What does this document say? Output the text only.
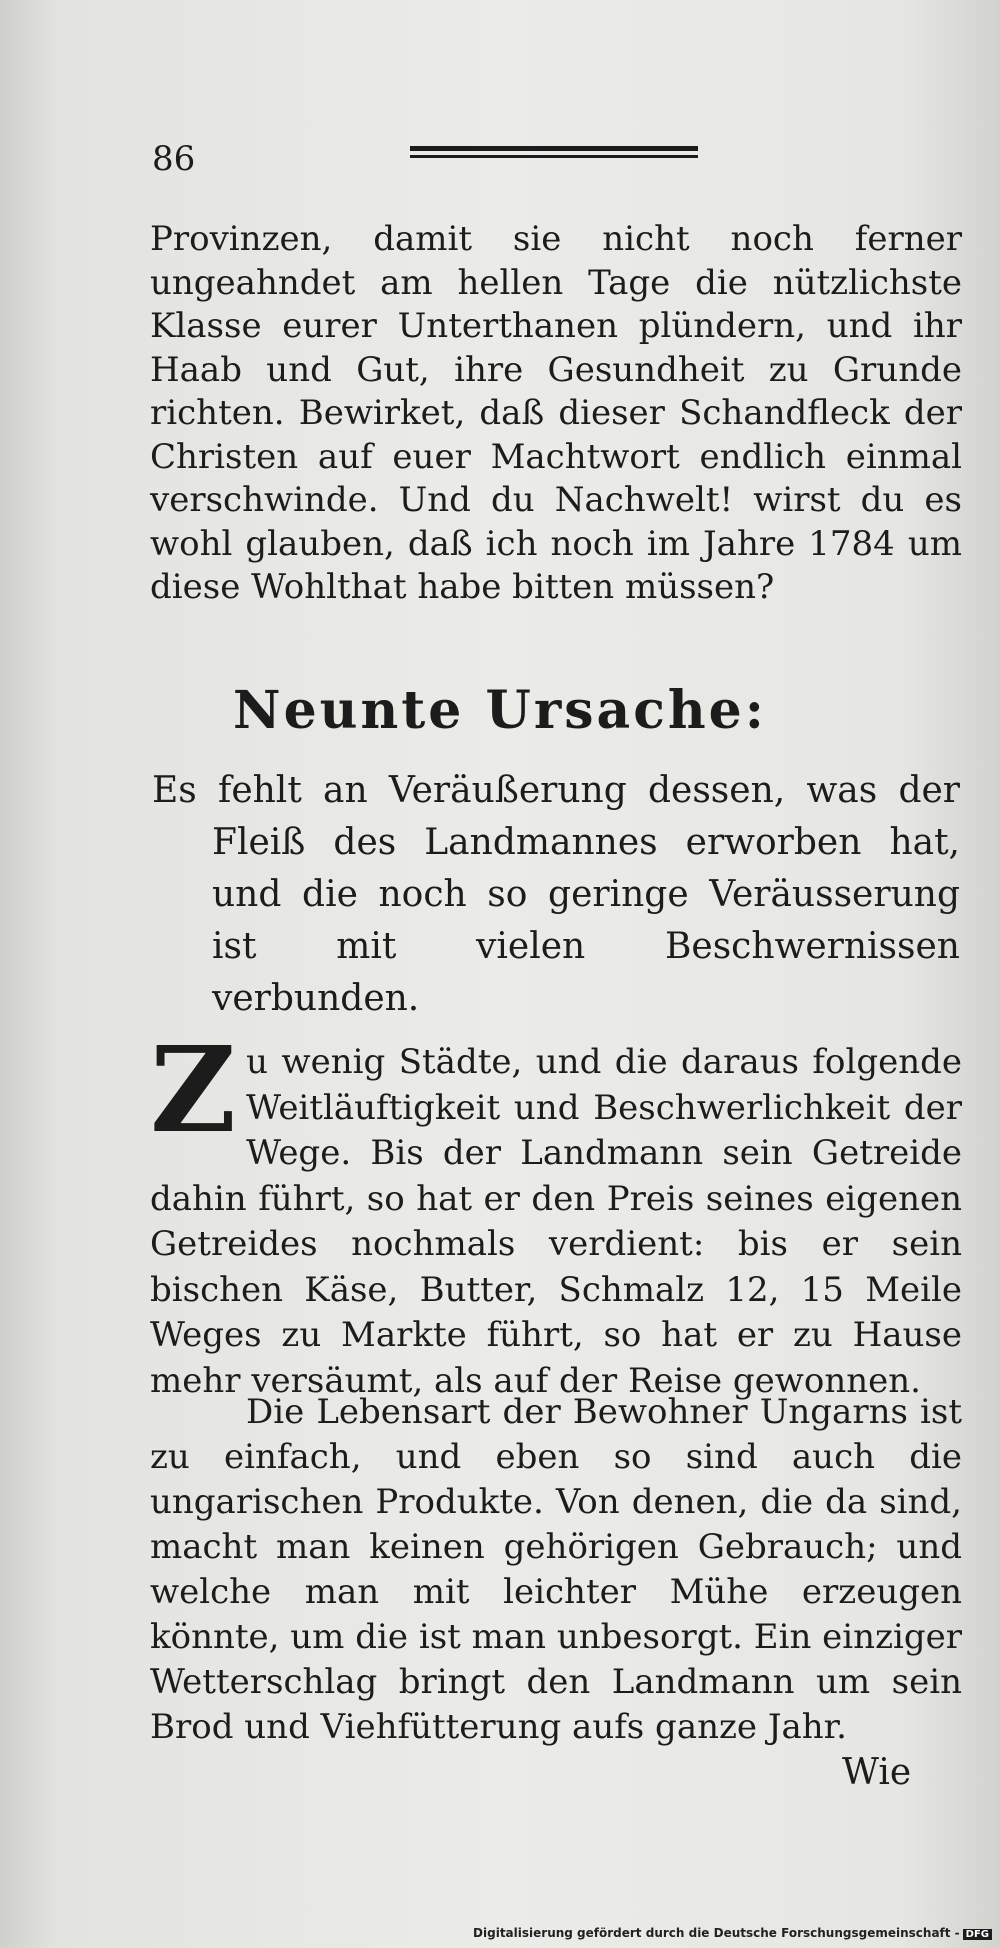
86
Provinzen, damit sie nicht noch ferner ungeahndet am hellen Tage die nützlichste Klasse eurer Unterthanen plündern, und ihr Haab und Gut, ihre Gesundheit zu Grunde richten. Bewirket, daß dieser Schandfleck der Christen auf euer Machtwort endlich einmal verschwinde. Und du Nachwelt! wirst du es wohl glauben, daß ich noch im Jahre 1784 um diese Wohlthat habe bitten müssen?
Neunte Ursache:
Es fehlt an Veräußerung dessen, was der Fleiß des Landmannes erworben hat, und die noch so geringe Veräusserung ist mit vielen Beschwernissen verbunden.
Zu wenig Städte, und die daraus folgende Weitläuftigkeit und Beschwerlichkeit der Wege. Bis der Landmann sein Getreide dahin führt, so hat er den Preis seines eigenen Getreides nochmals verdient: bis er sein bischen Käse, Butter, Schmalz 12, 15 Meile Weges zu Markte führt, so hat er zu Hause mehr versäumt, als auf der Reise gewonnen.
Die Lebensart der Bewohner Ungarns ist zu einfach, und eben so sind auch die ungarischen Produkte. Von denen, die da sind, macht man keinen gehörigen Gebrauch; und welche man mit leichter Mühe erzeugen könnte, um die ist man unbesorgt. Ein einziger Wetterschlag bringt den Landmann um sein Brod und Viehfütterung aufs ganze Jahr.
Wie
Digitalisierung gefördert durch die Deutsche Forschungsgemeinschaft - DFG
